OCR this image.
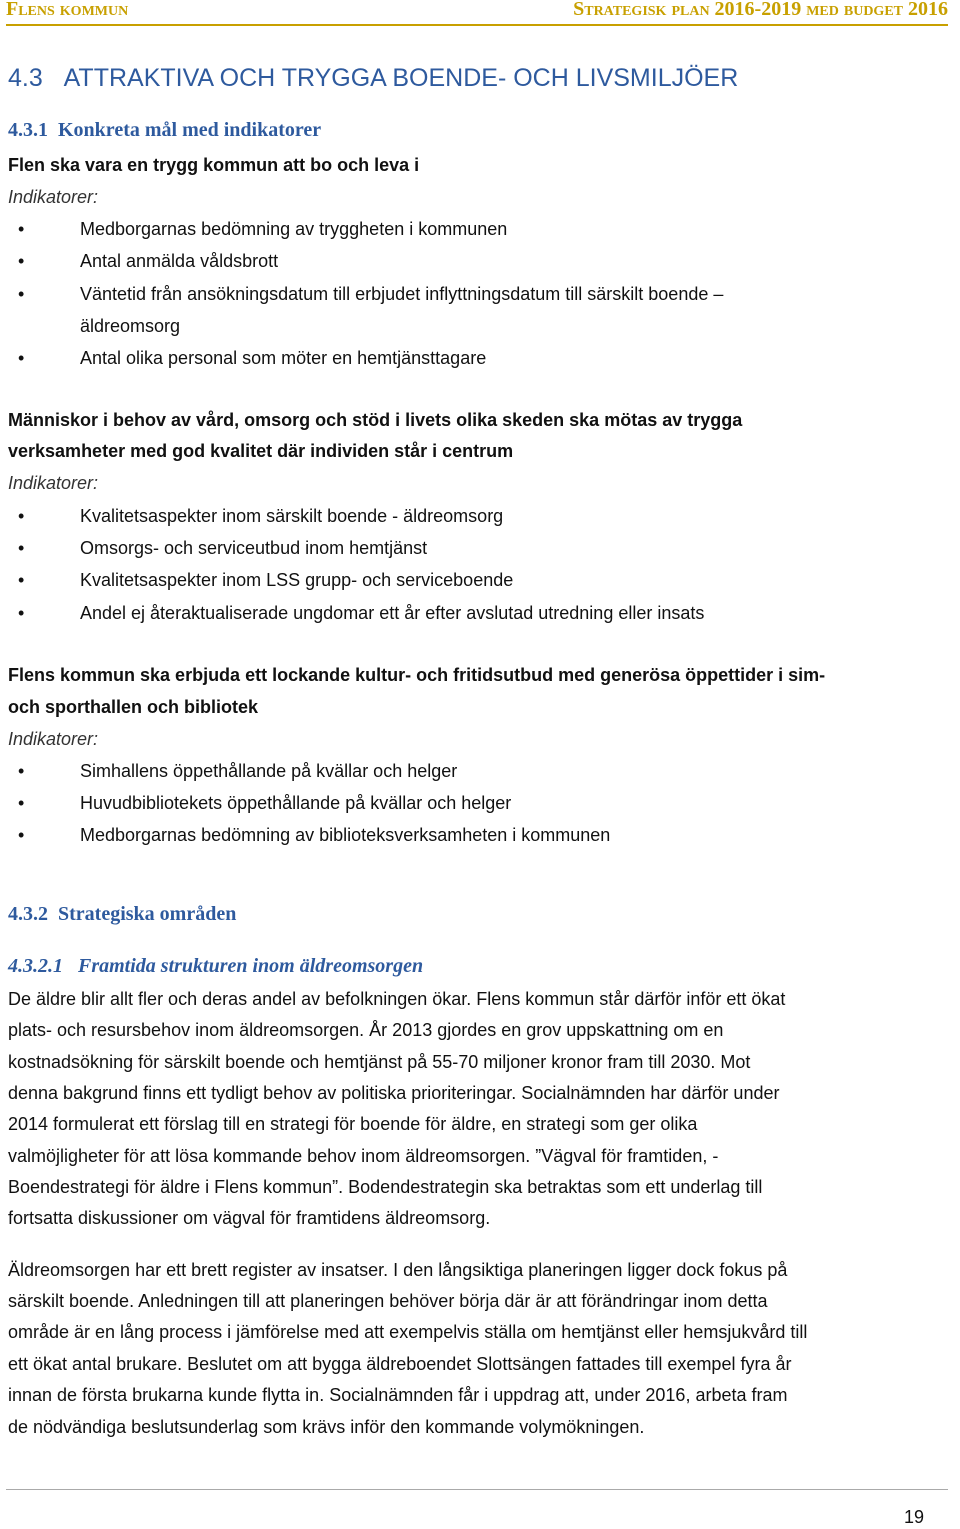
Flens kommun	Strategisk plan 2016-2019 med budget 2016
4.3 ATTRAKTIVA OCH TRYGGA BOENDE- OCH LIVSMILJÖER
4.3.1 Konkreta mål med indikatorer
Flen ska vara en trygg kommun att bo och leva i
Indikatorer:
•Medborgarnas bedömning av tryggheten i kommunen
•Antal anmälda våldsbrott
•Väntetid från ansökningsdatum till erbjudet inflyttningsdatum till särskilt boende –
äldreomsorg
•Antal olika personal som möter en hemtjänsttagare
Människor i behov av vård, omsorg och stöd i livets olika skeden ska mötas av trygga
verksamheter med god kvalitet där individen står i centrum
Indikatorer:
•Kvalitetsaspekter inom särskilt boende - äldreomsorg
•Omsorgs- och serviceutbud inom hemtjänst
•Kvalitetsaspekter inom LSS grupp- och serviceboende
•Andel ej återaktualiserade ungdomar ett år efter avslutad utredning eller insats
Flens kommun ska erbjuda ett lockande kultur- och fritidsutbud med generösa öppettider i sim-
och sporthallen och bibliotek
Indikatorer:
•Simhallens öppethållande på kvällar och helger
•Huvudbibliotekets öppethållande på kvällar och helger
•Medborgarnas bedömning av biblioteksverksamheten i kommunen
4.3.2 Strategiska områden
4.3.2.1 Framtida strukturen inom äldreomsorgen
De äldre blir allt fler och deras andel av befolkningen ökar. Flens kommun står därför inför ett ökat
plats- och resursbehov inom äldreomsorgen. År 2013 gjordes en grov uppskattning om en
kostnadsökning för särskilt boende och hemtjänst på 55-70 miljoner kronor fram till 2030. Mot
denna bakgrund finns ett tydligt behov av politiska prioriteringar. Socialnämnden har därför under
2014 formulerat ett förslag till en strategi för boende för äldre, en strategi som ger olika
valmöjligheter för att lösa kommande behov inom äldreomsorgen. ”Vägval för framtiden, -
Boendestrategi för äldre i Flens kommun”. Bodendestrategin ska betraktas som ett underlag till
fortsatta diskussioner om vägval för framtidens äldreomsorg.
Äldreomsorgen har ett brett register av insatser. I den långsiktiga planeringen ligger dock fokus på
särskilt boende. Anledningen till att planeringen behöver börja där är att förändringar inom detta
område är en lång process i jämförelse med att exempelvis ställa om hemtjänst eller hemsjukvård till
ett ökat antal brukare. Beslutet om att bygga äldreboendet Slottsängen fattades till exempel fyra år
innan de första brukarna kunde flytta in. Socialnämnden får i uppdrag att, under 2016, arbeta fram
de nödvändiga beslutsunderlag som krävs inför den kommande volymökningen.
19
